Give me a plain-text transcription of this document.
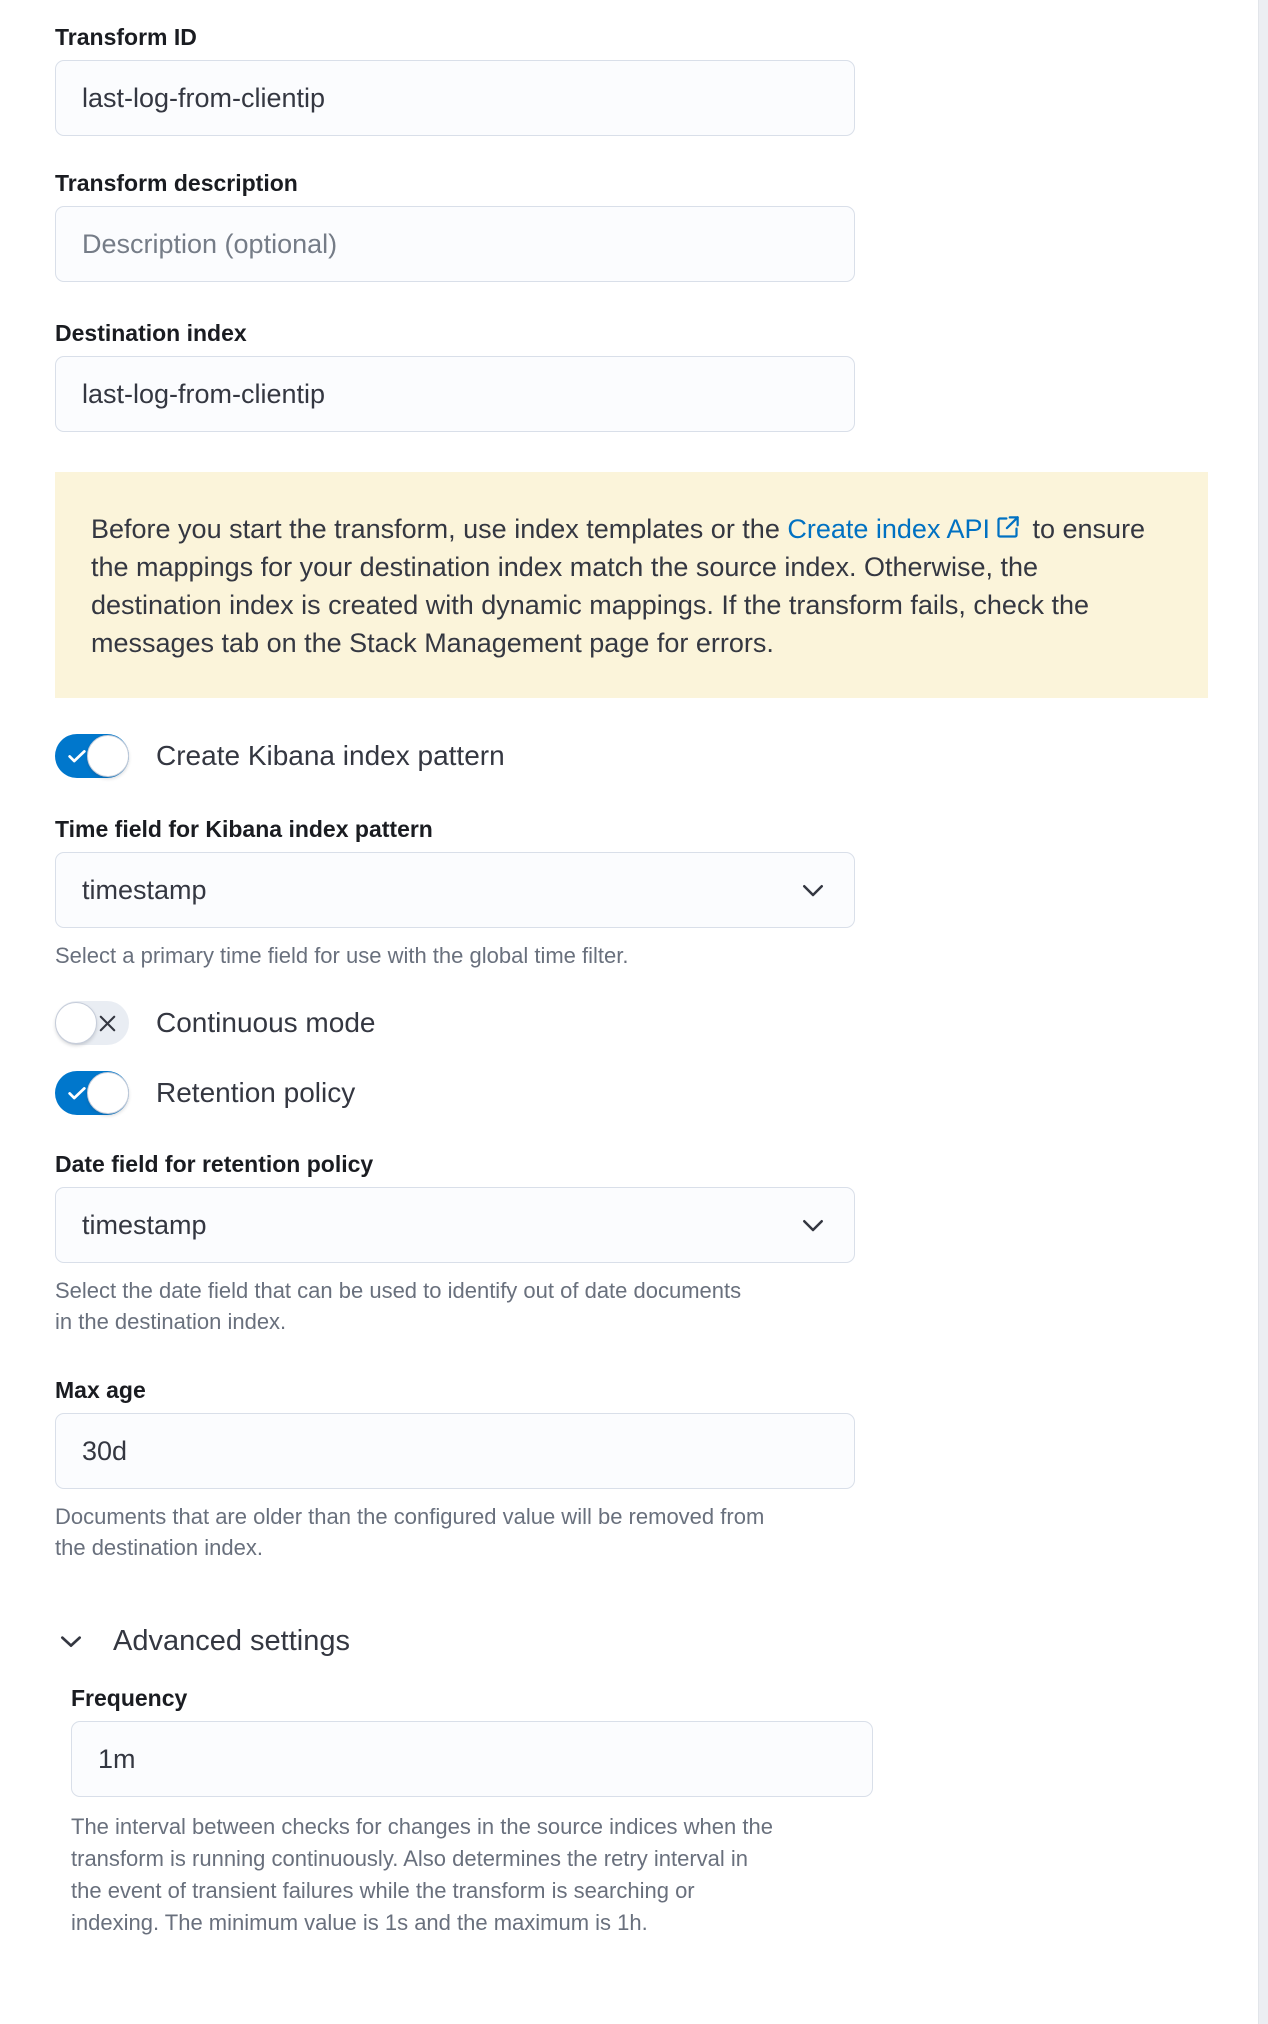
Transform ID
last-log-from-clientip
Transform description
Description (optional)
Destination index
last-log-from-clientip

Before you start the transform, use index templates or the Create index API to ensure the mappings for your destination index match the source index. Otherwise, the destination index is created with dynamic mappings. If the transform fails, check the messages tab on the Stack Management page for errors.

Create Kibana index pattern
Time field for Kibana index pattern
timestamp

Select a primary time field for use with the global time filter.

Continuous mode
Retention policy
Date field for retention policy
timestamp

Select the date field that can be used to identify out of date documents in the destination index.

Max age
30d

Documents that are older than the configured value will be removed from the destination index.

Advanced settings
Frequency
1m

The interval between checks for changes in the source indices when the transform is running continuously. Also determines the retry interval in the event of transient failures while the transform is searching or indexing. The minimum value is 1s and the maximum is 1h.
